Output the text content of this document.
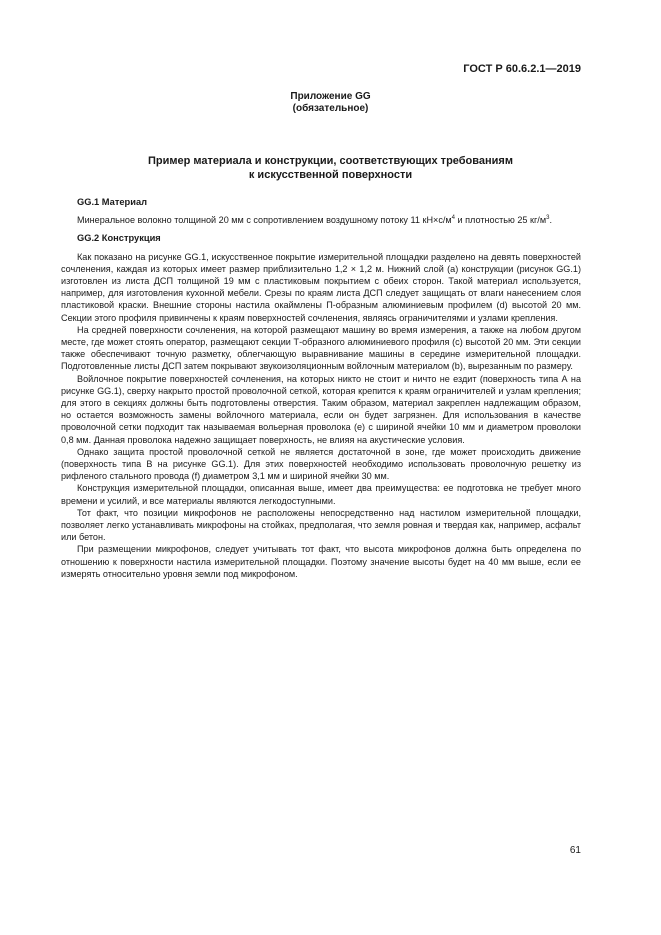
ГОСТ Р 60.6.2.1—2019
Приложение GG
(обязательное)
Пример материала и конструкции, соответствующих требованиям
к искусственной поверхности
GG.1 Материал

Минеральное волокно толщиной 20 мм с сопротивлением воздушному потоку 11 $кН\times с/м^4$ и плотностью 25 $кг/м^3$.

GG.2 Конструкция

Как показано на рисунке GG.1, искусственное покрытие измерительной площадки разделено на девять поверхностей сочленения, каждая из которых имеет размер приблизительно 1,2 × 1,2 м. Нижний слой (а) конструкции (рисунок GG.1) изготовлен из листа ДСП толщиной 19 мм с пластиковым покрытием с обеих сторон. Такой материал используется, например, для изготовления кухонной мебели. Срезы по краям листа ДСП следует защищать от влаги нанесением слоя пластиковой краски. Внешние стороны настила окаймлены П-образным алюминиевым профилем (d) высотой 20 мм. Секции этого профиля привинчены к краям поверхностей сочленения, являясь ограничителями и узлами крепления.

На средней поверхности сочленения, на которой размещают машину во время измерения, а также на любом другом месте, где может стоять оператор, размещают секции Т-образного алюминиевого профиля (с) высотой 20 мм. Эти секции также обеспечивают точную разметку, облегчающую выравнивание машины в середине измерительной площадки. Подготовленные листы ДСП затем покрывают звукоизоляционным войлочным материалом (b), вырезанным по размеру.

Войлочное покрытие поверхностей сочленения, на которых никто не стоит и ничто не ездит (поверхность типа А на рисунке GG.1), сверху накрыто простой проволочной сеткой, которая крепится к краям ограничителей и узлам крепления; для этого в секциях должны быть подготовлены отверстия. Таким образом, материал закреплен надлежащим образом, но остается возможность замены войлочного материала, если он будет загрязнен. Для использования в качестве проволочной сетки подходит так называемая вольерная проволока (е) с шириной ячейки 10 мм и диаметром проволоки 0,8 мм. Данная проволока надежно защищает поверхность, не влияя на акустические условия.

Однако защита простой проволочной сеткой не является достаточной в зоне, где может происходить движение (поверхность типа В на рисунке GG.1). Для этих поверхностей необходимо использовать проволочную решетку из рифленого стального провода (f) диаметром 3,1 мм и шириной ячейки 30 мм.

Конструкция измерительной площадки, описанная выше, имеет два преимущества: ее подготовка не требует много времени и усилий, и все материалы являются легкодоступными.

Тот факт, что позиции микрофонов не расположены непосредственно над настилом измерительной площадки, позволяет легко устанавливать микрофоны на стойках, предполагая, что земля ровная и твердая как, например, асфальт или бетон.

При размещении микрофонов, следует учитывать тот факт, что высота микрофонов должна быть определена по отношению к поверхности настила измерительной площадки. Поэтому значение высоты будет на 40 мм выше, если ее измерять относительно уровня земли под микрофоном.

61
